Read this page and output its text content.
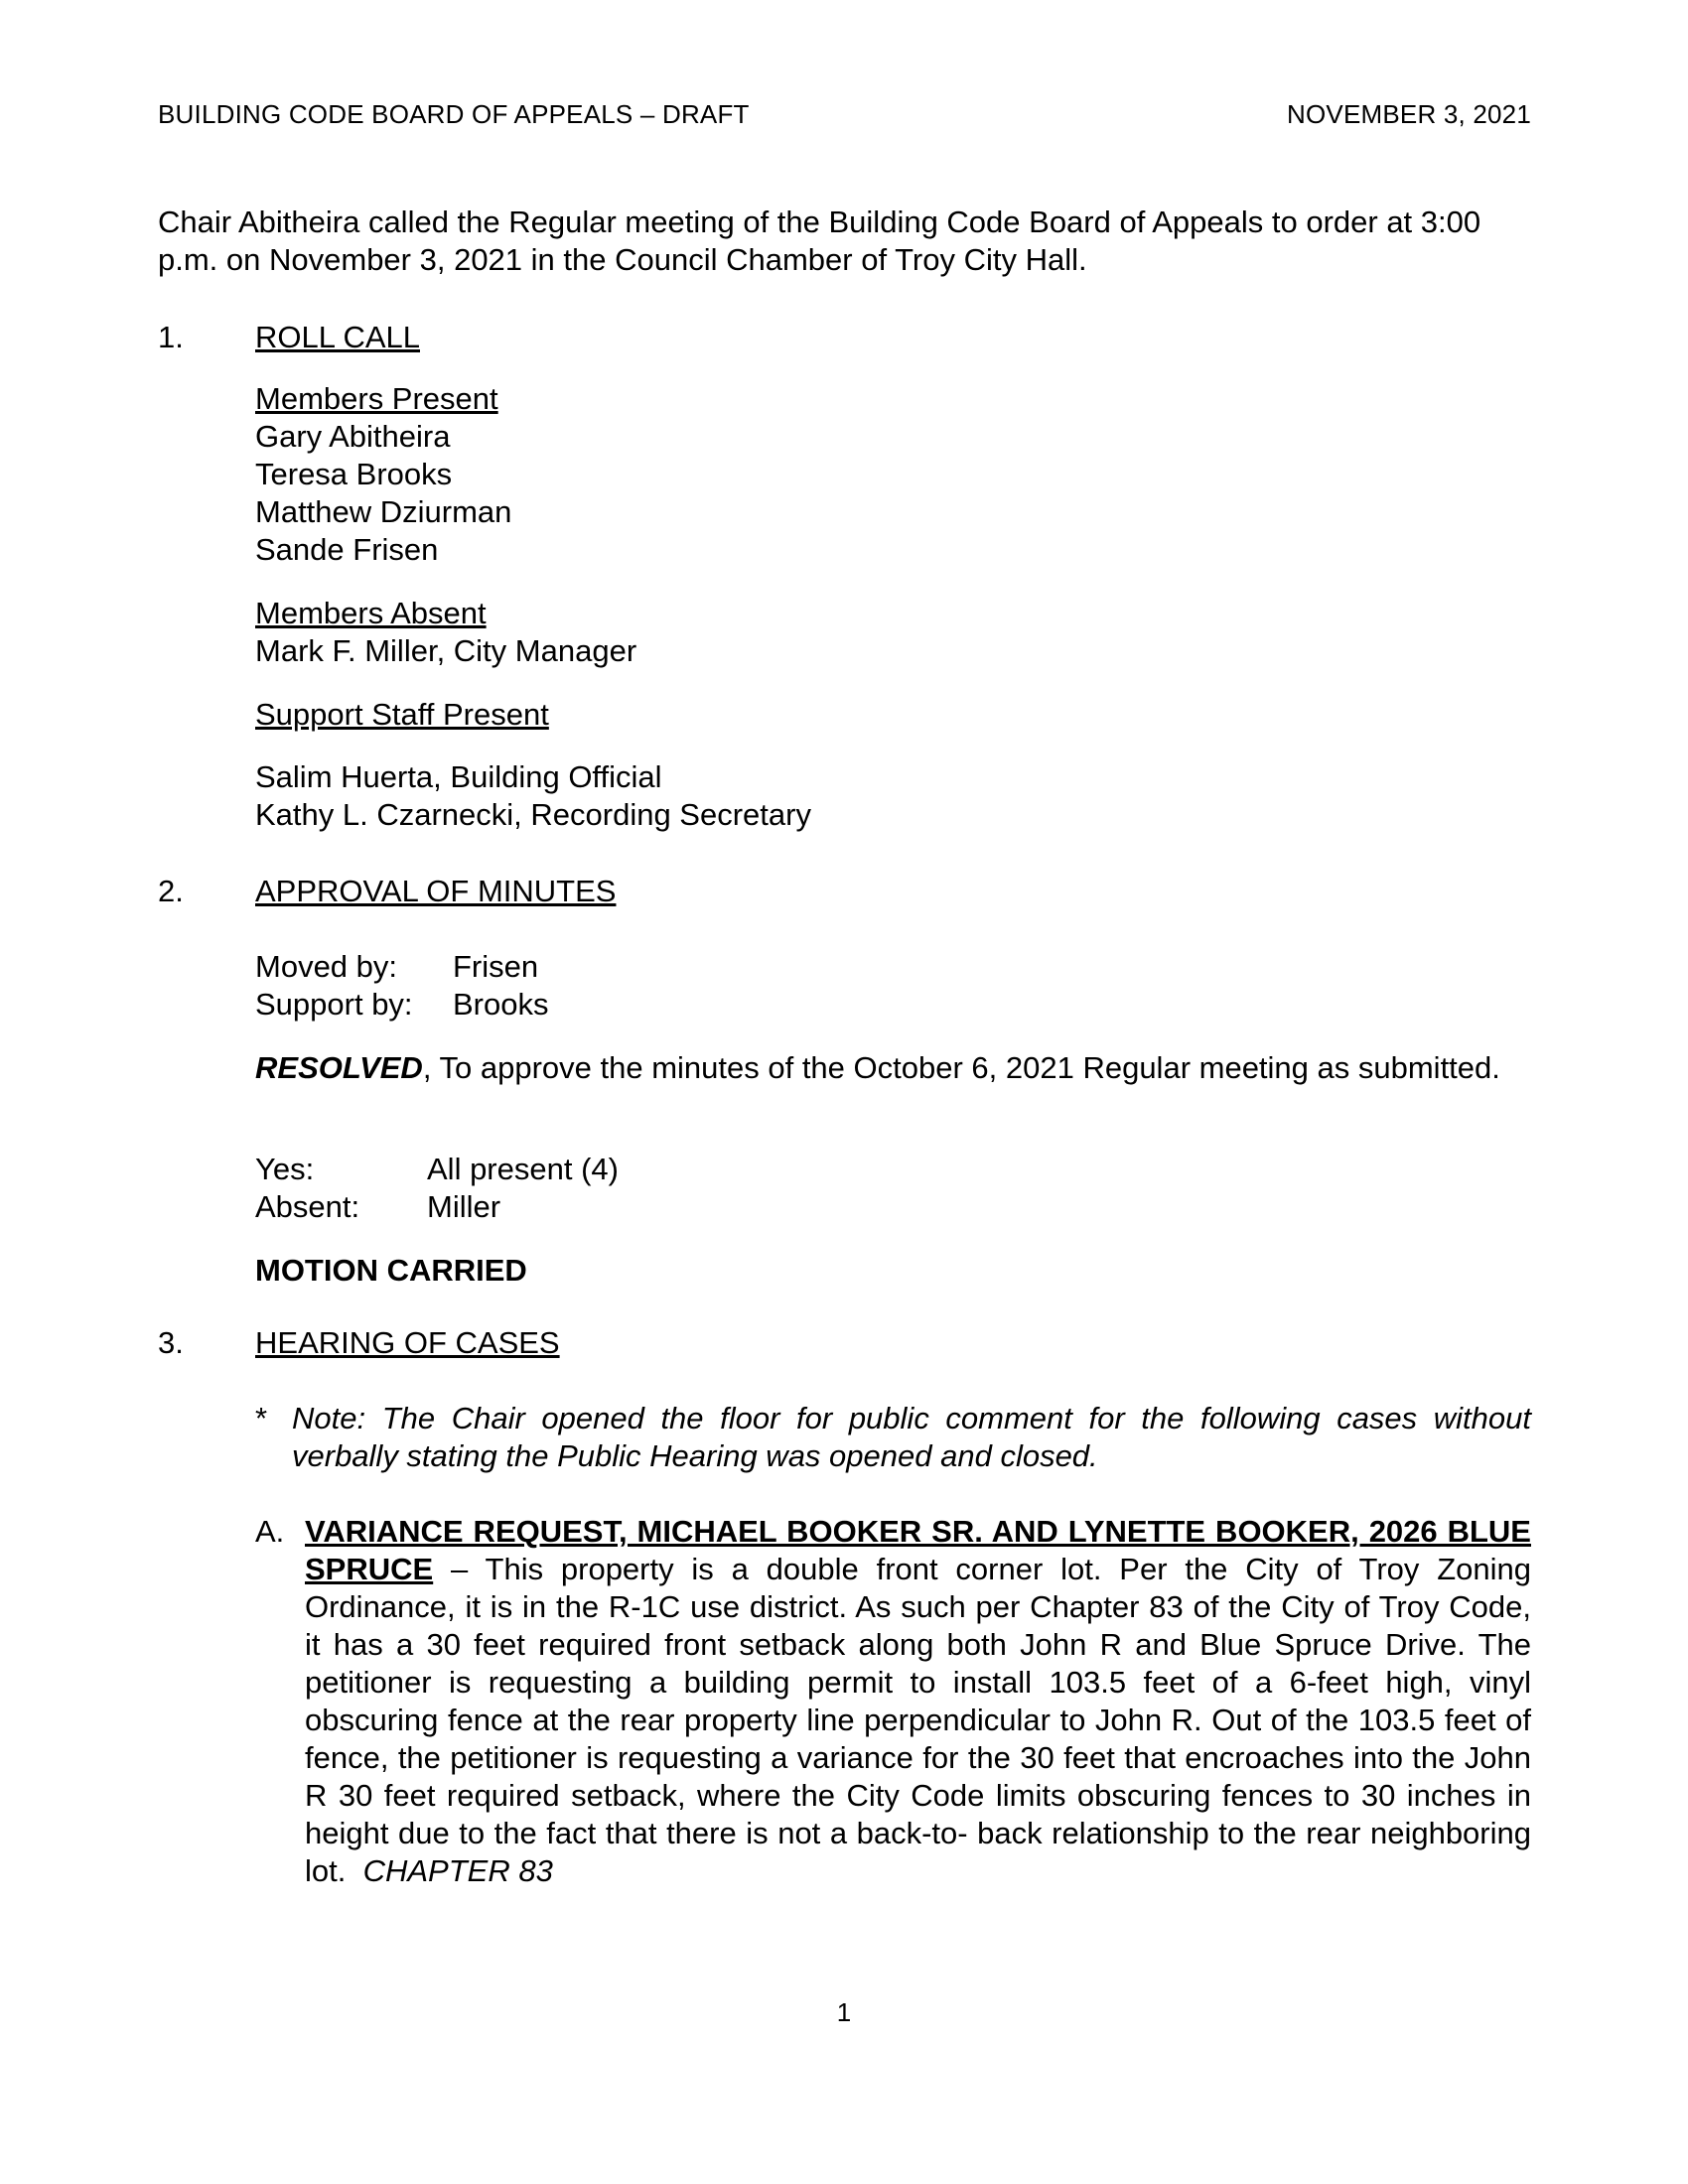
BUILDING CODE BOARD OF APPEALS – DRAFT	NOVEMBER 3, 2021
Chair Abitheira called the Regular meeting of the Building Code Board of Appeals to order at 3:00 p.m. on November 3, 2021 in the Council Chamber of Troy City Hall.
1. ROLL CALL
Members Present
Gary Abitheira
Teresa Brooks
Matthew Dziurman
Sande Frisen
Members Absent
Mark F. Miller, City Manager
Support Staff Present
Salim Huerta, Building Official
Kathy L. Czarnecki, Recording Secretary
2. APPROVAL OF MINUTES
Moved by:	Frisen
Support by:	Brooks
RESOLVED, To approve the minutes of the October 6, 2021 Regular meeting as submitted.
Yes:	All present (4)
Absent:	Miller
MOTION CARRIED
3. HEARING OF CASES
* Note: The Chair opened the floor for public comment for the following cases without verbally stating the Public Hearing was opened and closed.
A. VARIANCE REQUEST, MICHAEL BOOKER SR. AND LYNETTE BOOKER, 2026 BLUE SPRUCE – This property is a double front corner lot. Per the City of Troy Zoning Ordinance, it is in the R-1C use district. As such per Chapter 83 of the City of Troy Code, it has a 30 feet required front setback along both John R and Blue Spruce Drive. The petitioner is requesting a building permit to install 103.5 feet of a 6-feet high, vinyl obscuring fence at the rear property line perpendicular to John R. Out of the 103.5 feet of fence, the petitioner is requesting a variance for the 30 feet that encroaches into the John R 30 feet required setback, where the City Code limits obscuring fences to 30 inches in height due to the fact that there is not a back-to- back relationship to the rear neighboring lot. CHAPTER 83
1
